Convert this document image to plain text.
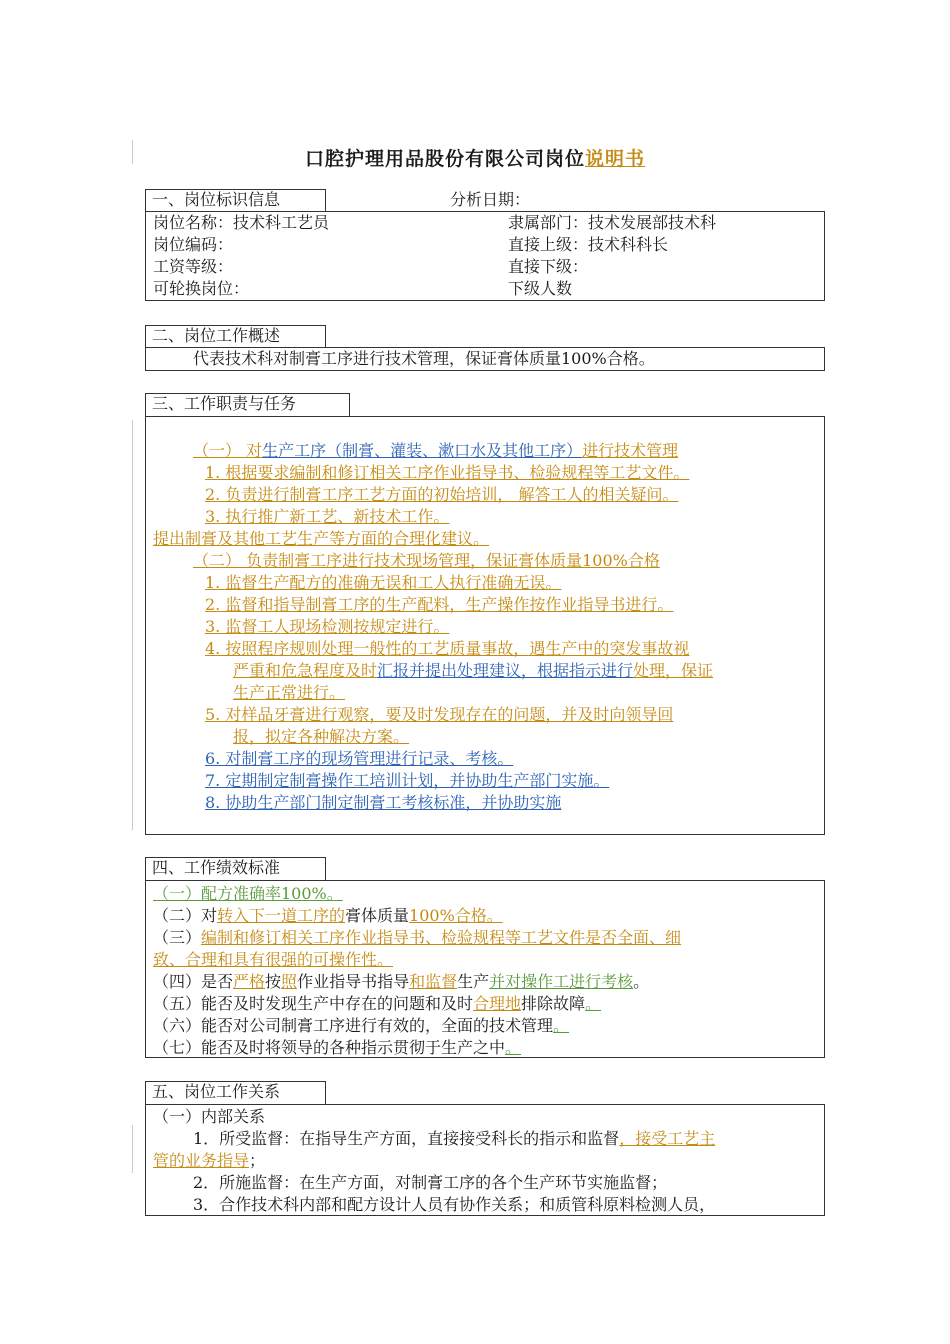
口腔护理用品股份有限公司岗位说明书
一、岗位标识信息	分析日期：
岗位名称：技术科工艺员	隶属部门：技术发展部技术科
岗位编码：	直接上级：技术科科长
工资等级：	直接下级：
可轮换岗位：	下级人数
二、岗位工作概述
代表技术科对制膏工序进行技术管理，保证膏体质量100%合格。
三、工作职责与任务
（一） 对生产工序（制膏、灌装、漱口水及其他工序）进行技术管理
1. 根据要求编制和修订相关工序作业指导书、检验规程等工艺文件。
2. 负责进行制膏工序工艺方面的初始培训， 解答工人的相关疑问。
3. 执行推广新工艺、新技术工作。
提出制膏及其他工艺生产等方面的合理化建议。
（二） 负责制膏工序进行技术现场管理，保证膏体质量100%合格
1. 监督生产配方的准确无误和工人执行准确无误。
2. 监督和指导制膏工序的生产配料，生产操作按作业指导书进行。
3. 监督工人现场检测按规定进行。
4. 按照程序规则处理一般性的工艺质量事故，遇生产中的突发事故视
严重和危急程度及时汇报并提出处理建议，根据指示进行处理，保证
生产正常进行。
5. 对样品牙膏进行观察，要及时发现存在的问题，并及时向领导回
报，拟定各种解决方案。
6. 对制膏工序的现场管理进行记录、考核。
7. 定期制定制膏操作工培训计划，并协助生产部门实施。
8. 协助生产部门制定制膏工考核标准，并协助实施
四、工作绩效标准
（一）配方准确率100%。
（二）对转入下一道工序的膏体质量100%合格。
（三）编制和修订相关工序作业指导书、检验规程等工艺文件是否全面、细
致、合理和具有很强的可操作性。
（四）是否严格按照作业指导书指导和监督生产并对操作工进行考核。
（五）能否及时发现生产中存在的问题和及时合理地排除故障。
（六）能否对公司制膏工序进行有效的，全面的技术管理。
（七）能否及时将领导的各种指示贯彻于生产之中。
五、岗位工作关系
（一）内部关系
1．所受监督：在指导生产方面，直接接受科长的指示和监督，接受工艺主
管的业务指导；
2．所施监督：在生产方面，对制膏工序的各个生产环节实施监督；
3．合作技术科内部和配方设计人员有协作关系；和质管科原料检测人员，
